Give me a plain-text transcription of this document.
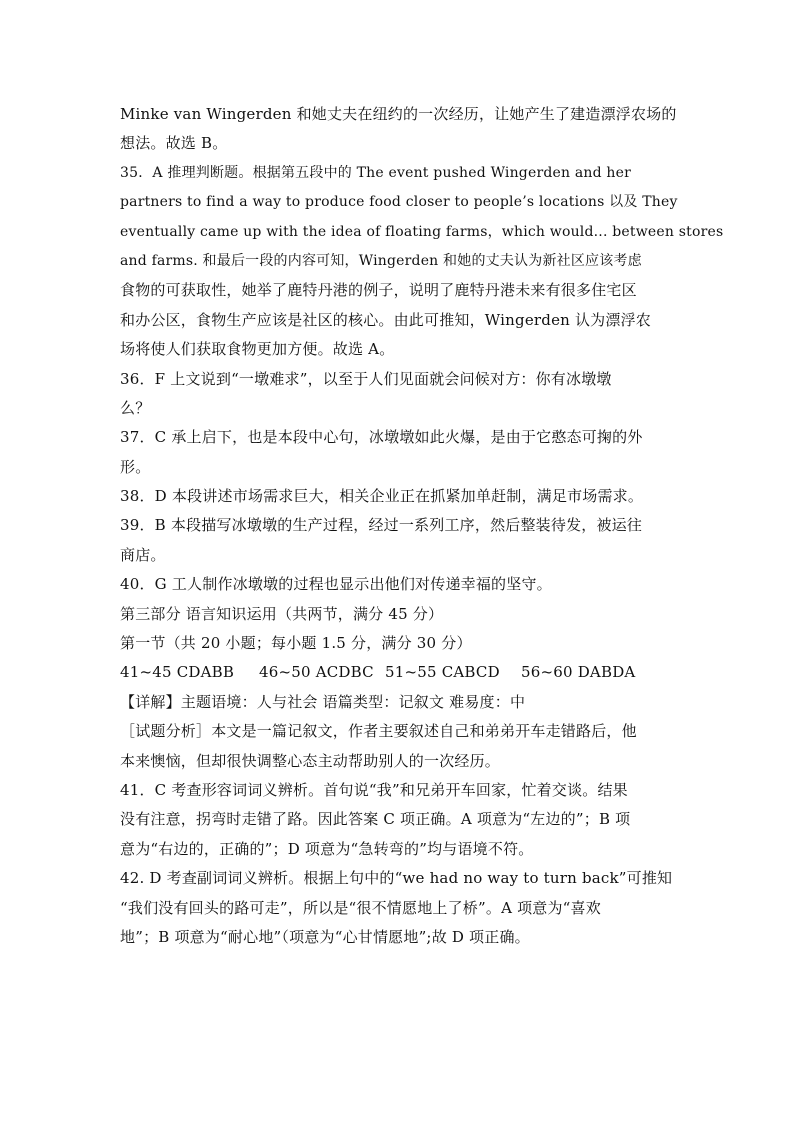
Minke van Wingerden 和她丈夫在纽约的一次经历，让她产生了建造漂浮农场的
想法。故选 B。
35．A 推理判断题。根据第五段中的 The event pushed Wingerden and her
partners to find a way to produce food closer to people’s locations 以及 They
eventually came up with the idea of floating farms，which would... between stores
and farms. 和最后一段的内容可知，Wingerden 和她的丈夫认为新社区应该考虑
食物的可获取性，她举了鹿特丹港的例子，说明了鹿特丹港未来有很多住宅区
和办公区，食物生产应该是社区的核心。由此可推知，Wingerden 认为漂浮农
场将使人们获取食物更加方便。故选 A。
36．F 上文说到“一墩难求”，以至于人们见面就会问候对方：你有冰墩墩
么？
37．C 承上启下，也是本段中心句，冰墩墩如此火爆，是由于它憨态可掬的外
形。
38．D 本段讲述市场需求巨大，相关企业正在抓紧加单赶制，满足市场需求。
39．B 本段描写冰墩墩的生产过程，经过一系列工序，然后整装待发，被运往
商店。
40．G 工人制作冰墩墩的过程也显示出他们对传递幸福的坚守。
第三部分 语言知识运用（共两节，满分 45 分）
第一节（共 20 小题；每小题 1.5 分，满分 30 分）
41~45 CDABB	46~50 ACDBC 51~55 CABCD	56~60 DABDA
【详解】主题语境：人与社会 语篇类型：记叙文 难易度：中
［试题分析］本文是一篇记叙文，作者主要叙述自己和弟弟开车走错路后，他
本来懊恼，但却很快调整心态主动帮助别人的一次经历。
41．C 考查形容词词义辨析。首句说“我”和兄弟开车回家，忙着交谈。结果
没有注意，拐弯时走错了路。因此答案 C 项正确。A 项意为“左边的”；B 项
意为“右边的，正确的”；D 项意为“急转弯的”均与语境不符。
42. D 考查副词词义辨析。根据上句中的“we had no way to turn back”可推知
“我们没有回头的路可走”，所以是“很不情愿地上了桥”。A 项意为“喜欢
地”；B 项意为“耐心地”（项意为“心甘情愿地”;故 D 项正确。
